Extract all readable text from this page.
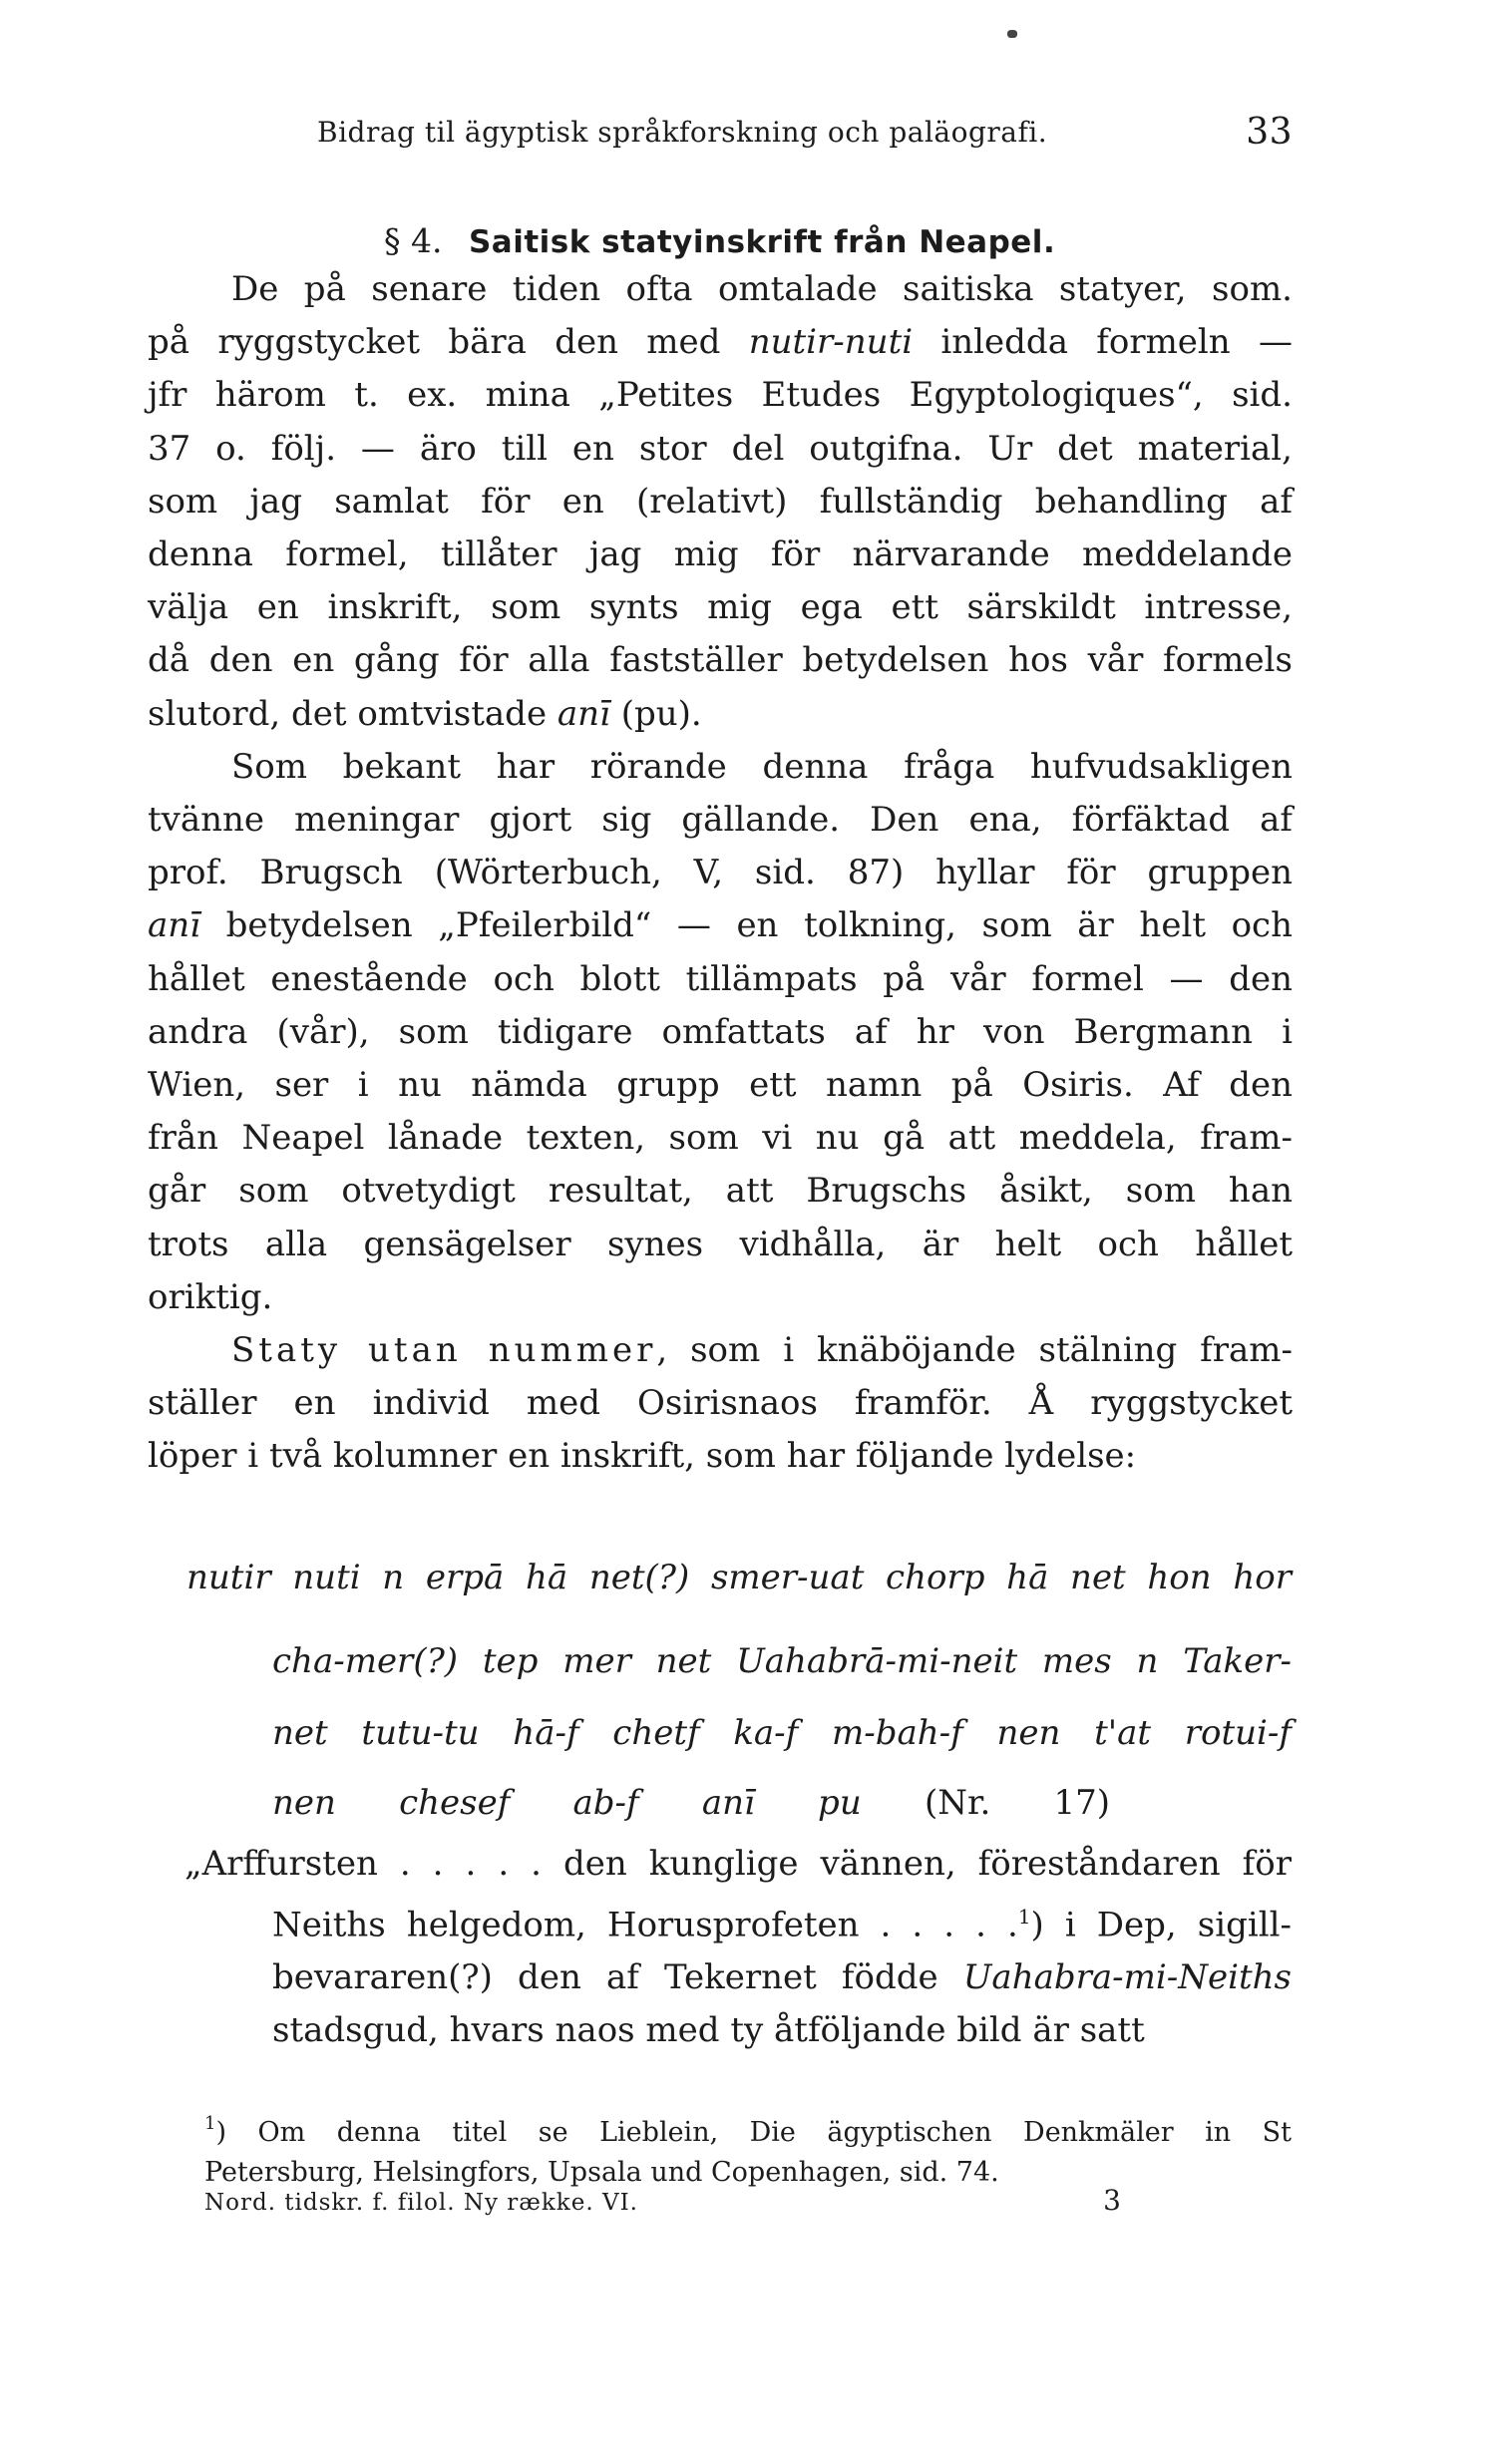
Bidrag til ägyptisk språkforskning och paläografi.	33
§ 4. Saitisk statyinskrift från Neapel.
De på senare tiden ofta omtalade saitiska statyer, som.
på ryggstycket bära den med nutir-nuti inledda formeln —
jfr härom t. ex. mina „Petites Etudes Egyptologiques“, sid.
37 o. följ. — äro till en stor del outgifna. Ur det material,
som jag samlat för en (relativt) fullständig behandling af
denna formel, tillåter jag mig för närvarande meddelande
välja en inskrift, som synts mig ega ett särskildt intresse,
då den en gång för alla fastställer betydelsen hos vår formels
slutord, det omtvistade anī (pu).
Som bekant har rörande denna fråga hufvudsakligen
tvänne meningar gjort sig gällande. Den ena, förfäktad af
prof. Brugsch (Wörterbuch, V, sid. 87) hyllar för gruppen
anī betydelsen „Pfeilerbild“ — en tolkning, som är helt och
hållet enestående och blott tillämpats på vår formel — den
andra (vår), som tidigare omfattats af hr von Bergmann i
Wien, ser i nu nämda grupp ett namn på Osiris. Af den
från Neapel lånade texten, som vi nu gå att meddela, fram-
går som otvetydigt resultat, att Brugschs åsikt, som han
trots alla gensägelser synes vidhålla, är helt och hållet
oriktig.
Staty utan nummer, som i knäböjande stälning fram-
ställer en individ med Osirisnaos framför. Å ryggstycket
löper i två kolumner en inskrift, som har följande lydelse:
nutir nuti n erpā hā net(?) smer-uat chorp hā net hon hor
cha-mer(?) tep mer net Uahabrā-mi-neit mes n Taker-
net tutu-tu hā-f chetf ka-f m-bah-f nen t'at rotui-f
nen chesef ab-f anī pu (Nr. 17)
„Arffursten . . . . . den kunglige vännen, föreståndaren för
Neiths helgedom, Horusprofeten . . . . .$^1$) i Dep, sigill-
bevararen(?) den af Tekernet födde Uahabra-mi-Neiths
stadsgud, hvars naos med ty åtföljande bild är satt
$^1$) Om denna titel se Lieblein, Die ägyptischen Denkmäler in St
Petersburg, Helsingfors, Upsala und Copenhagen, sid. 74.
Nord. tidskr. f. filol. Ny række. VI.	3
